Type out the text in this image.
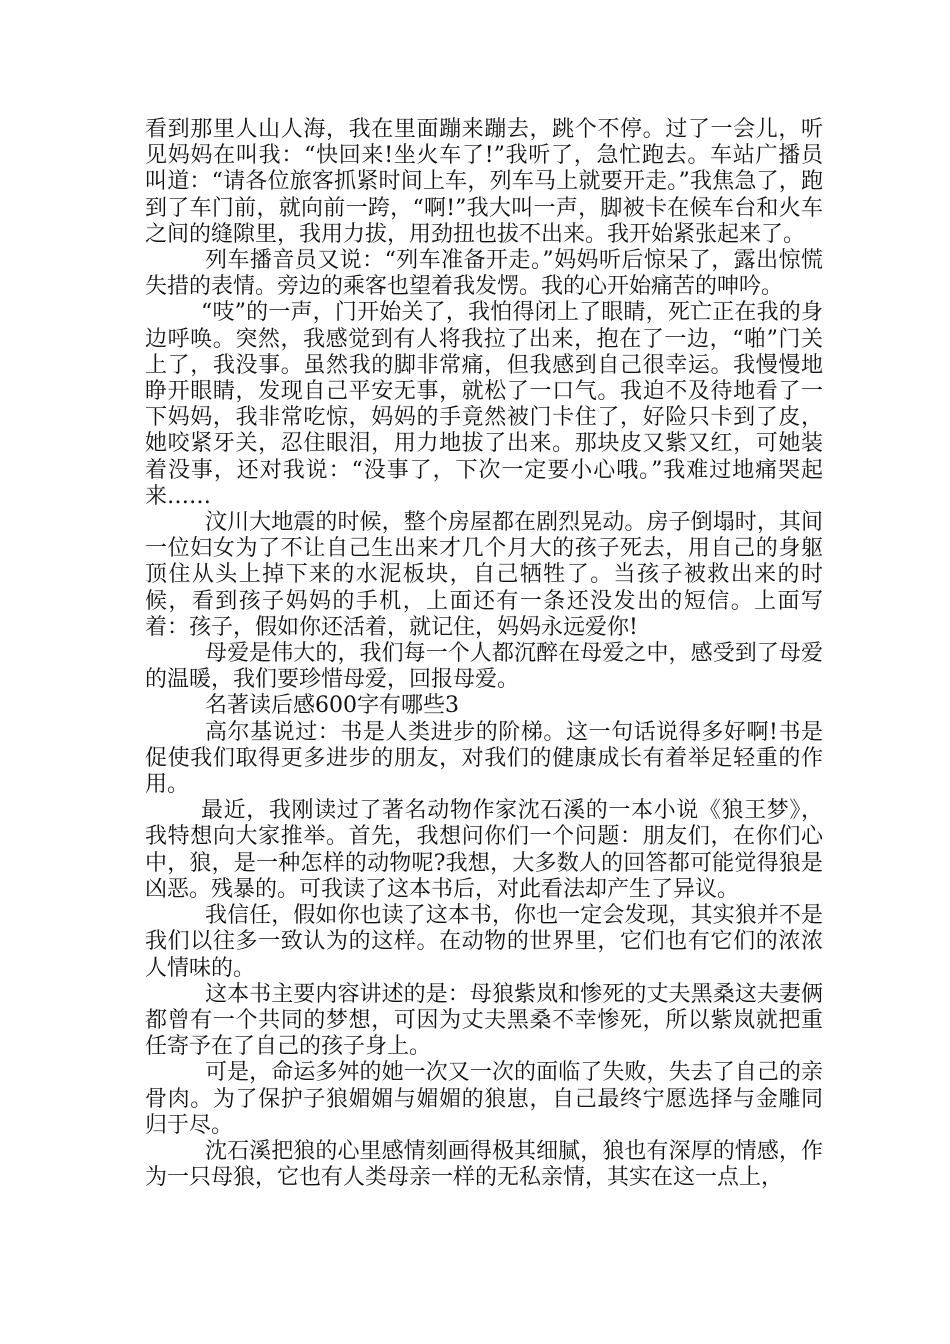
看到那里人山人海，我在里面蹦来蹦去，跳个不停。过了一会儿，听见妈妈在叫我：“快回来!坐火车了!”我听了，急忙跑去。车站广播员叫道：“请各位旅客抓紧时间上车，列车马上就要开走。”我焦急了，跑到了车门前，就向前一跨，“啊!”我大叫一声，脚被卡在候车台和火车之间的缝隙里，我用力拔，用劲扭也拔不出来。我开始紧张起来了。

列车播音员又说：“列车准备开走。”妈妈听后惊呆了，露出惊慌失措的表情。旁边的乘客也望着我发愣。我的心开始痛苦的呻吟。

“吱”的一声，门开始关了，我怕得闭上了眼睛，死亡正在我的身边呼唤。突然，我感觉到有人将我拉了出来，抱在了一边，“啪”门关上了，我没事。虽然我的脚非常痛，但我感到自己很幸运。我慢慢地睁开眼睛，发现自己平安无事，就松了一口气。我迫不及待地看了一下妈妈，我非常吃惊，妈妈的手竟然被门卡住了，好险只卡到了皮，她咬紧牙关，忍住眼泪，用力地拔了出来。那块皮又紫又红，可她装着没事，还对我说：“没事了，下次一定要小心哦。”我难过地痛哭起来……

汶川大地震的时候，整个房屋都在剧烈晃动。房子倒塌时，其间一位妇女为了不让自己生出来才几个月大的孩子死去，用自己的身躯顶住从头上掉下来的水泥板块，自己牺牲了。当孩子被救出来的时候，看到孩子妈妈的手机，上面还有一条还没发出的短信。上面写着：孩子，假如你还活着，就记住，妈妈永远爱你!

母爱是伟大的，我们每一个人都沉醉在母爱之中，感受到了母爱的温暖，我们要珍惜母爱，回报母爱。

名著读后感600字有哪些3

高尔基说过：书是人类进步的阶梯。这一句话说得多好啊!书是促使我们取得更多进步的朋友，对我们的健康成长有着举足轻重的作用。

最近，我刚读过了著名动物作家沈石溪的一本小说《狼王梦》，我特想向大家推举。首先，我想问你们一个问题：朋友们，在你们心中，狼，是一种怎样的动物呢?我想，大多数人的回答都可能觉得狼是凶恶。残暴的。可我读了这本书后，对此看法却产生了异议。

我信任，假如你也读了这本书，你也一定会发现，其实狼并不是我们以往多一致认为的这样。在动物的世界里，它们也有它们的浓浓人情味的。

这本书主要内容讲述的是：母狼紫岚和惨死的丈夫黑桑这夫妻俩都曾有一个共同的梦想，可因为丈夫黑桑不幸惨死，所以紫岚就把重任寄予在了自己的孩子身上。

可是，命运多舛的她一次又一次的面临了失败，失去了自己的亲骨肉。为了保护子狼媚媚与媚媚的狼崽，自己最终宁愿选择与金雕同归于尽。

沈石溪把狼的心里感情刻画得极其细腻，狼也有深厚的情感，作为一只母狼，它也有人类母亲一样的无私亲情，其实在这一点上，
